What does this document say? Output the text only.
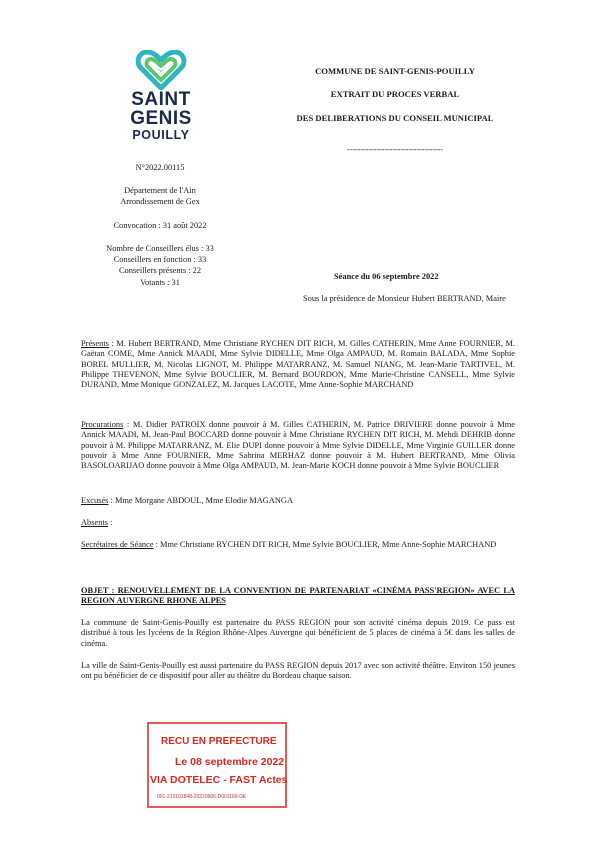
SAINT
GENIS
POUILLY
COMMUNE DE SAINT-GENIS-POUILLY
EXTRAIT DU PROCES VERBAL
DES DELIBERATIONS DU CONSEIL MUNICIPAL
------------------------------------
N°2022.00115
Département de l'Ain
Arrondissement de Gex
Convocation : 31 août 2022
Nombre de Conseillers élus : 33
Conseillers en fonction : 33
Conseillers présents : 22
Votants : 31
Séance du 06 septembre 2022
Sous la présidence de Monsieur Hubert BERTRAND, Maire
Présents : M. Hubert BERTRAND, Mme Christiane RYCHEN DIT RICH, M. Gilles CATHERIN, Mme Anne FOURNIER, M. Gaëtan COME, Mme Annick MAADI, Mme Sylvie DIDELLE, Mme Olga AMPAUD, M. Romain BALADA, Mme Sophie BOREL MULLIER, M. Nicolas LIGNOT, M. Philippe MATARRANZ, M. Samuel NIANG, M. Jean-Marie TARTIVEL, M. Philippe THEVENON, Mme Sylvie BOUCLIER, M. Bernard BOURDON, Mme Marie-Christine CANSELL, Mme Sylvie DURAND, Mme Monique GONZALEZ, M. Jacques LACOTE, Mme Anne-Sophie MARCHAND
Procurations : M. Didier PATROIX donne pouvoir à M. Gilles CATHERIN, M. Patrice DRIVIERE donne pouvoir à Mme Annick MAADI, M. Jean-Paul BOCCARD donne pouvoir à Mme Christiane RYCHEN DIT RICH, M. Mehdi DEHRIB donne pouvoir à M. Philippe MATARRANZ, M. Elie DUPI donne pouvoir à Mme Sylvie DIDELLE, Mme Virginie GUILLER donne pouvoir à Mme Anne FOURNIER, Mme Sabrina MERHAZ donne pouvoir à M. Hubert BERTRAND, Mme Olivia BASOLOARIJAO donne pouvoir à Mme Olga AMPAUD, M. Jean-Marie KOCH donne pouvoir à Mme Sylvie BOUCLIER
Excusés : Mme Morgane ABDOUL, Mme Elodie MAGANGA
Absents :
Secrétaires de Séance : Mme Christiane RYCHEN DIT RICH, Mme Sylvie BOUCLIER, Mme Anne-Sophie MARCHAND
OBJET : RENOUVELLEMENT DE LA CONVENTION DE PARTENARIAT «CINÉMA PASS'REGION» AVEC LA REGION AUVERGNE RHONE ALPES
La commune de Saint-Genis-Pouilly est partenaire du PASS REGION pour son activité cinéma depuis 2019. Ce pass est distribué à tous les lycéens de la Région Rhône-Alpes Auvergne qui bénéficient de 5 places de cinéma à 5€ dans les salles de cinéma.
La ville de Saint-Genis-Pouilly est aussi partenaire du PASS REGION depuis 2017 avec son activité théâtre. Environ 150 jeunes ont pu bénéficier de ce dispositif pour aller au théâtre du Bordeau chaque saison.
RECU EN PREFECTURE
Le 08 septembre 2022
VIA DOTELEC - FAST Actes
001-210101848-20220906-D001169-DE
